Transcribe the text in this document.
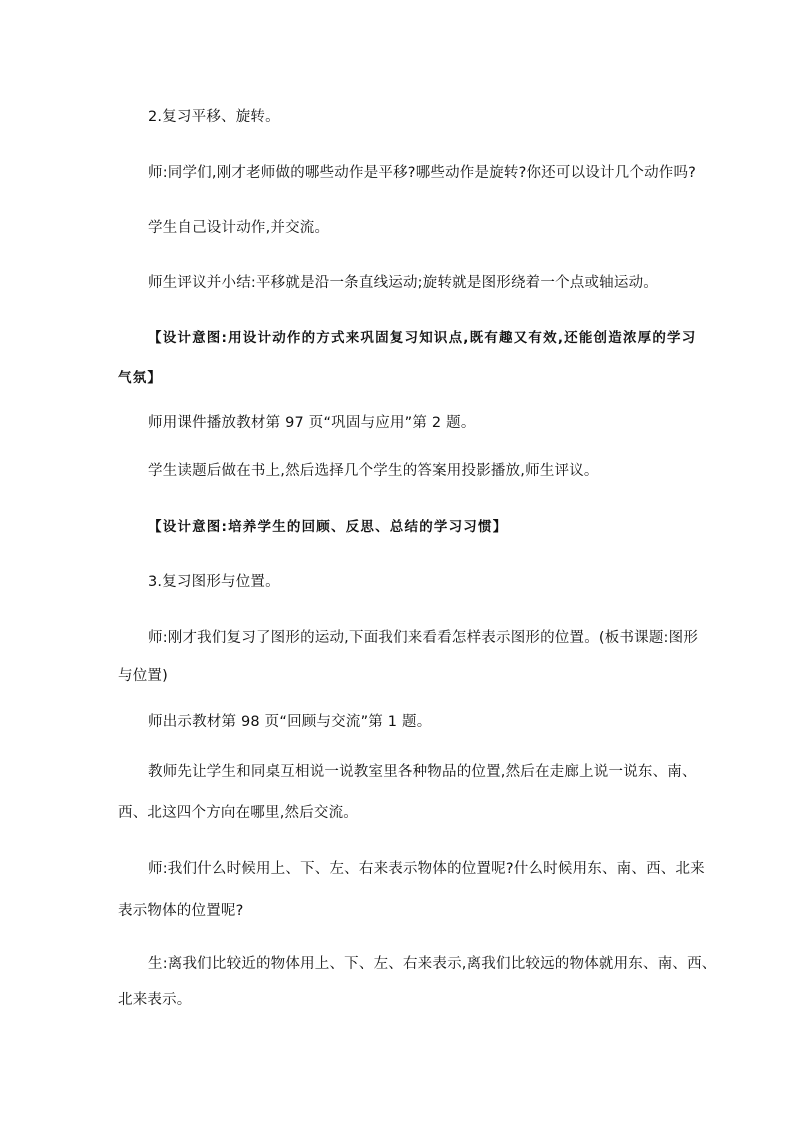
2.复习平移、旋转。
师:同学们,刚才老师做的哪些动作是平移?哪些动作是旋转?你还可以设计几个动作吗?
学生自己设计动作,并交流。
师生评议并小结:平移就是沿一条直线运动;旋转就是图形绕着一个点或轴运动。
【设计意图:用设计动作的方式来巩固复习知识点,既有趣又有效,还能创造浓厚的学习
气氛】
师用课件播放教材第 97 页“巩固与应用”第 2 题。
学生读题后做在书上,然后选择几个学生的答案用投影播放,师生评议。
【设计意图:培养学生的回顾、反思、总结的学习习惯】
3.复习图形与位置。
师:刚才我们复习了图形的运动,下面我们来看看怎样表示图形的位置。(板书课题:图形
与位置)
师出示教材第 98 页“回顾与交流”第 1 题。
教师先让学生和同桌互相说一说教室里各种物品的位置,然后在走廊上说一说东、南、
西、北这四个方向在哪里,然后交流。
师:我们什么时候用上、下、左、右来表示物体的位置呢?什么时候用东、南、西、北来
表示物体的位置呢?
生:离我们比较近的物体用上、下、左、右来表示,离我们比较远的物体就用东、南、西、
北来表示。
